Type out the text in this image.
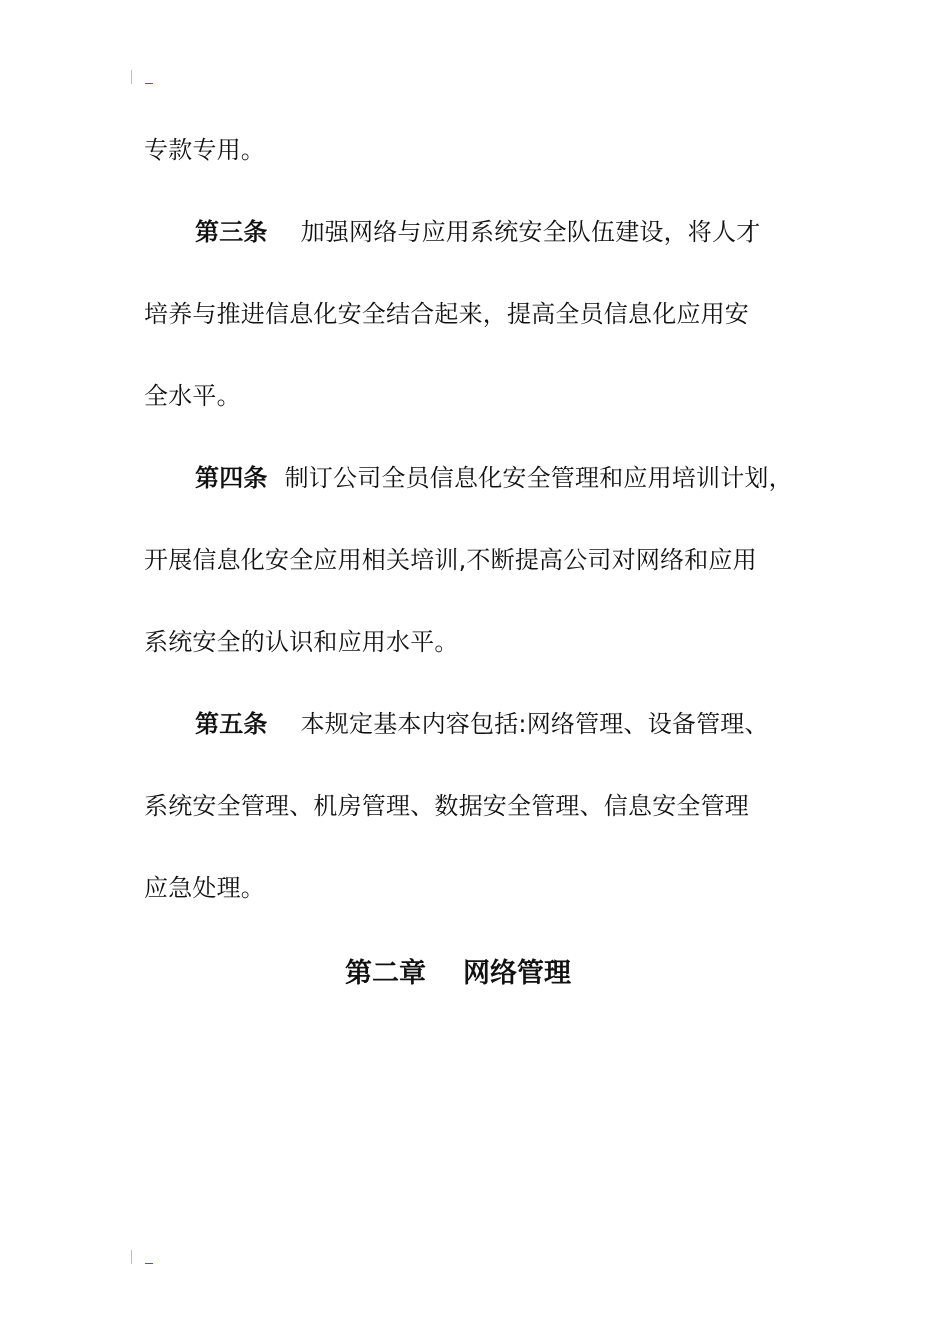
专款专用。
第三条 加强网络与应用系统安全队伍建设，将人才
培养与推进信息化安全结合起来，提高全员信息化应用安
全水平。
第四条 制订公司全员信息化安全管理和应用培训计划，
开展信息化安全应用相关培训,不断提高公司对网络和应用
系统安全的认识和应用水平。
第五条 本规定基本内容包括:网络管理、设备管理、
系统安全管理、机房管理、数据安全管理、信息安全管理
应急处理。
第二章 网络管理
